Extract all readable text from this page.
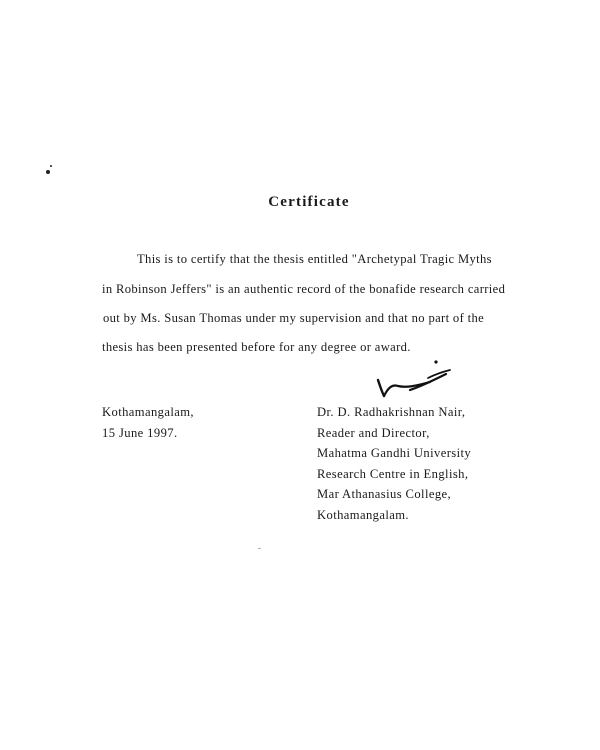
Certificate
This is to certify that the thesis entitled "Archetypal Tragic Myths
in Robinson Jeffers" is an authentic record of the bonafide research carried
out by Ms. Susan Thomas under my supervision and that no part of the
thesis has been presented before for any degree or award.
Kothamangalam,
15 June 1997.
Dr. D. Radhakrishnan Nair,
Reader and Director,
Mahatma Gandhi University
Research Centre in English,
Mar Athanasius College,
Kothamangalam.
